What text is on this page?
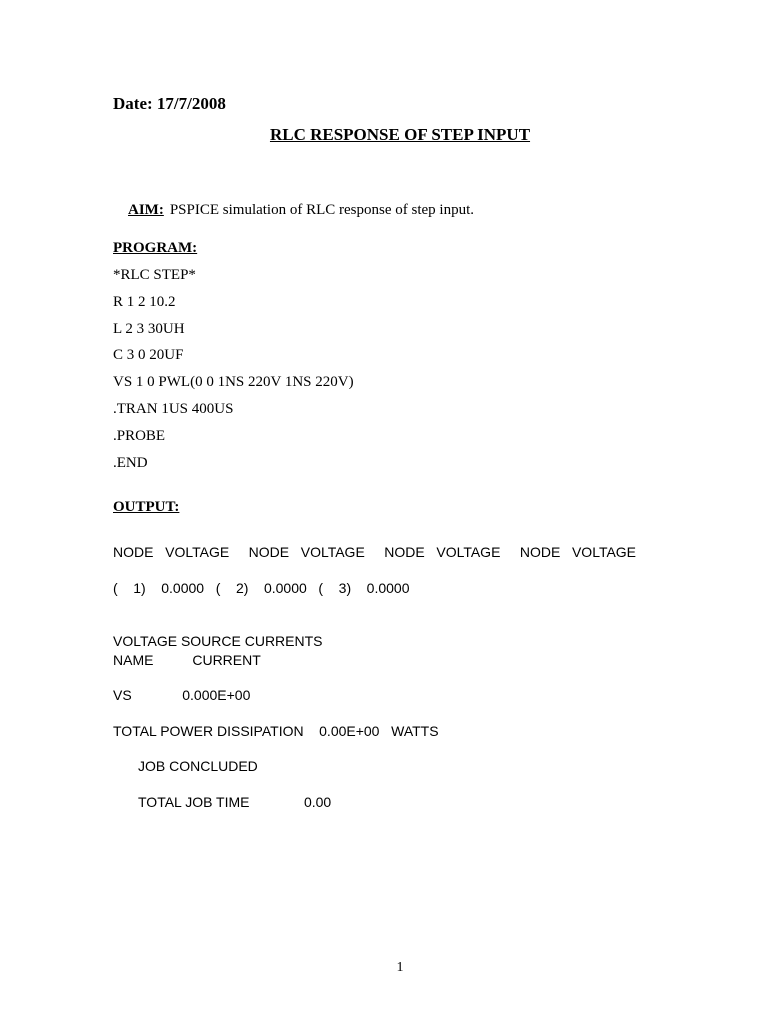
Date: 17/7/2008
RLC RESPONSE OF STEP INPUT

AIM: PSPICE simulation of RLC response of step input.

PROGRAM:
*RLC STEP*
R 1 2 10.2
L 2 3 30UH
C 3 0 20UF
VS 1 0 PWL(0 0 1NS 220V 1NS 220V)
.TRAN 1US 400US
.PROBE
.END
OUTPUT:
NODE   VOLTAGE     NODE   VOLTAGE     NODE   VOLTAGE     NODE   VOLTAGE
(    1)    0.0000   (    2)    0.0000   (    3)    0.0000
VOLTAGE SOURCE CURRENTS
NAME          CURRENT
VS             0.000E+00
TOTAL POWER DISSIPATION    0.00E+00   WATTS
JOB CONCLUDED
TOTAL JOB TIME              0.00
1
